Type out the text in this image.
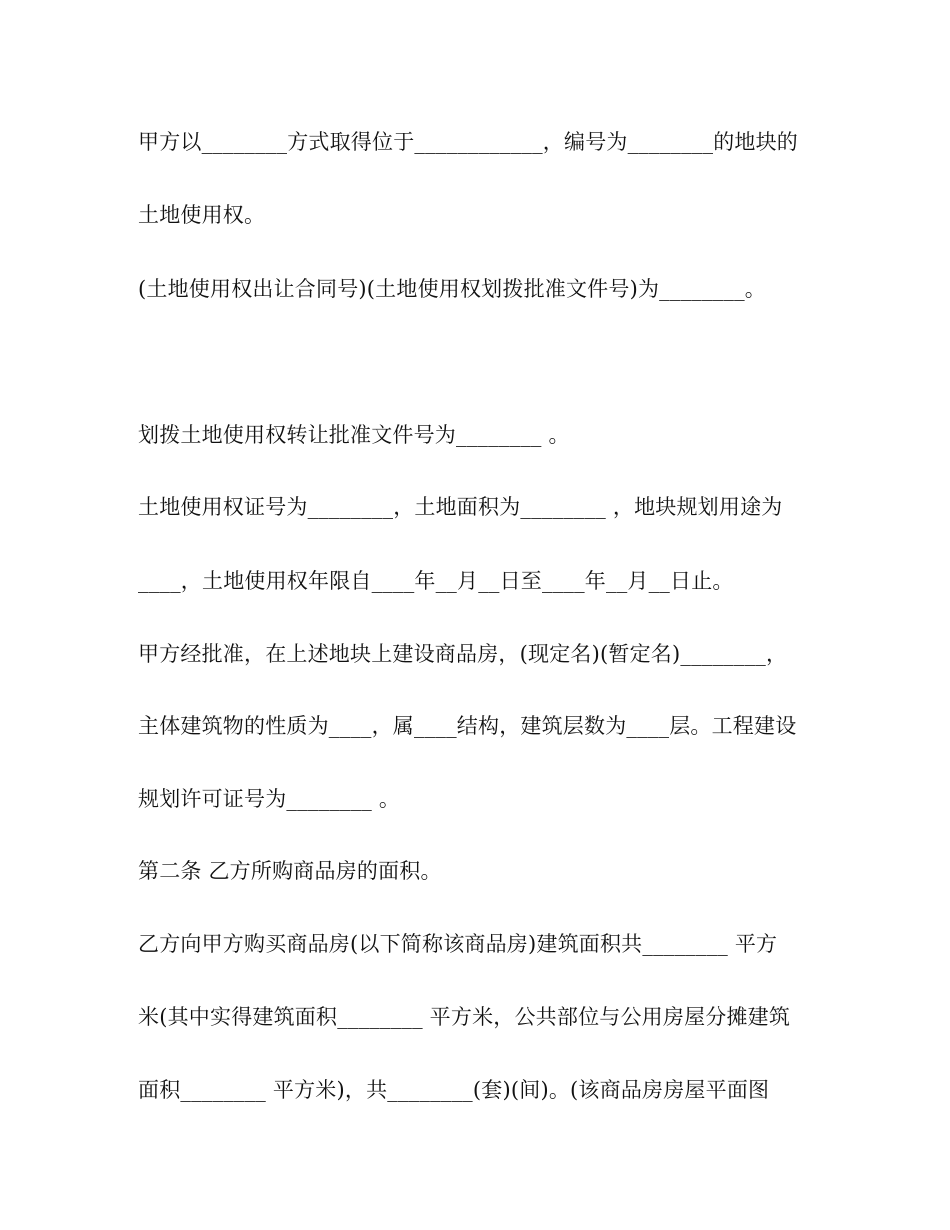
甲方以________方式取得位于____________，编号为________的地块的
土地使用权。
(土地使用权出让合同号)(土地使用权划拨批准文件号)为________。
划拨土地使用权转让批准文件号为________ 。
土地使用权证号为________，土地面积为________ ，地块规划用途为
____，土地使用权年限自____年__月__日至____年__月__日止。
甲方经批准，在上述地块上建设商品房，(现定名)(暂定名)________，
主体建筑物的性质为____，属____结构，建筑层数为____层。工程建设
规划许可证号为________ 。
第二条 乙方所购商品房的面积。
乙方向甲方购买商品房(以下简称该商品房)建筑面积共________ 平方
米(其中实得建筑面积________ 平方米，公共部位与公用房屋分摊建筑
面积________ 平方米)，共________(套)(间)。(该商品房房屋平面图
